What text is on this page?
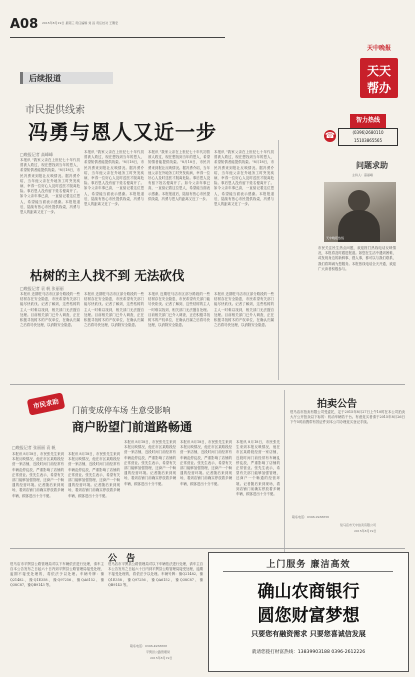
A08 2015年8月19日 星期三 责任编辑 刘 昌 责任校对 王馨宏
天中晚报
天天
帮办
后续报道
市民提供线索
冯勇与恩人又近一步
□晚报记者 高峰峰
本报讯 "我家父亲在上世纪七十年代初曾被人救过，现在想找到当年的恩人，希望知情者能提供线索。"8月18日，市民冯勇来到报社反映情况。据冯勇介绍，当年他父亲在外地务工时突发疾病，幸得一位好心人及时送医才脱离危险。事后恩人没有留下姓名便离开了。如今父亲年事已高，一直惦记着这位恩人，希望能当面表示感谢。本报报道后，陆续有热心市民提供线索，冯勇与恩人的距离又近了一步。
本报讯 "我家父亲在上世纪七十年代初曾被人救过，现在想找到当年的恩人，希望知情者能提供线索。"8月18日，市民冯勇来到报社反映情况。据冯勇介绍，当年他父亲在外地务工时突发疾病，幸得一位好心人及时送医才脱离危险。事后恩人没有留下姓名便离开了。如今父亲年事已高，一直惦记着这位恩人，希望能当面表示感谢。本报报道后，陆续有热心市民提供线索，冯勇与恩人的距离又近了一步。
本报讯 "我家父亲在上世纪七十年代初曾被人救过，现在想找到当年的恩人，希望知情者能提供线索。"8月18日，市民冯勇来到报社反映情况。据冯勇介绍，当年他父亲在外地务工时突发疾病，幸得一位好心人及时送医才脱离危险。事后恩人没有留下姓名便离开了。如今父亲年事已高，一直惦记着这位恩人，希望能当面表示感谢。本报报道后，陆续有热心市民提供线索，冯勇与恩人的距离又近了一步。
本报讯 "我家父亲在上世纪七十年代初曾被人救过，现在想找到当年的恩人，希望知情者能提供线索。"8月18日，市民冯勇来到报社反映情况。据冯勇介绍，当年他父亲在外地务工时突发疾病，幸得一位好心人及时送医才脱离危险。事后恩人没有留下姓名便离开了。如今父亲年事已高，一直惦记着这位恩人，希望能当面表示感谢。本报报道后，陆续有热心市民提供线索，冯勇与恩人的距离又近了一步。
枯树的主人找不到 无法砍伐
□晚报记者 袁 帆 张丽丽
本报讯 近期驻马店市区部分路段的一些枯树存在安全隐患，市民希望有关部门能尽快砍伐。记者了解到，这些枯树的主人一时难以找到，相关部门无法擅自处理。目前相关部门已介入调查，正在积极寻找树木的产权单位，在确认归属之后将尽快处理，以消除安全隐患。
本报讯 近期驻马店市区部分路段的一些枯树存在安全隐患，市民希望有关部门能尽快砍伐。记者了解到，这些枯树的主人一时难以找到，相关部门无法擅自处理。目前相关部门已介入调查，正在积极寻找树木的产权单位，在确认归属之后将尽快处理，以消除安全隐患。
本报讯 近期驻马店市区部分路段的一些枯树存在安全隐患，市民希望有关部门能尽快砍伐。记者了解到，这些枯树的主人一时难以找到，相关部门无法擅自处理。目前相关部门已介入调查，正在积极寻找树木的产权单位，在确认归属之后将尽快处理，以消除安全隐患。
本报讯 近期驻马店市区部分路段的一些枯树存在安全隐患，市民希望有关部门能尽快砍伐。记者了解到，这些枯树的主人一时难以找到，相关部门无法擅自处理。目前相关部门已介入调查，正在积极寻找树木的产权单位，在确认归属之后将尽快处理，以消除安全隐患。
智力热线
☎	(0396)2680110
15103865565
问题求助
主持人：高丽峰
天中晚报热线
市民关注民生热点问题，欢迎拨打热线电话反映情况，本报将及时跟进报道。如您在生活中遇到困难，或发现身边的新鲜事、感人事，都可以与我们联系，我们将竭诚为您服务。本报热线电话全天开通，欢迎广大读者积极参与。
市民求助	门前变成停车场 生意受影响
商户盼望门前道路畅通
□晚报记者 张丽丽 袁 帆
本报讯 8月18日，市民张先生来到本报反映情况，他在市区某路段经营一家店铺，近段时间门前经常有车辆乱停乱放，严重影响了店铺的正常营业。张先生表示，希望有关部门能够加强管理，还商户一个畅通的经营环境。记者随后来到现场，看到店铺门前确实停放着多辆车辆，顾客进出十分不便。
本报讯 8月18日，市民张先生来到本报反映情况，他在市区某路段经营一家店铺，近段时间门前经常有车辆乱停乱放，严重影响了店铺的正常营业。张先生表示，希望有关部门能够加强管理，还商户一个畅通的经营环境。记者随后来到现场，看到店铺门前确实停放着多辆车辆，顾客进出十分不便。
本报讯 8月18日，市民张先生来到本报反映情况，他在市区某路段经营一家店铺，近段时间门前经常有车辆乱停乱放，严重影响了店铺的正常营业。张先生表示，希望有关部门能够加强管理，还商户一个畅通的经营环境。记者随后来到现场，看到店铺门前确实停放着多辆车辆，顾客进出十分不便。
本报讯 8月18日，市民张先生来到本报反映情况，他在市区某路段经营一家店铺，近段时间门前经常有车辆乱停乱放，严重影响了店铺的正常营业。张先生表示，希望有关部门能够加强管理，还商户一个畅通的经营环境。记者随后来到现场，看到店铺门前确实停放着多辆车辆，顾客进出十分不便。
本报讯 8月18日，市民张先生来到本报反映情况，他在市区某路段经营一家店铺，近段时间门前经常有车辆乱停乱放，严重影响了店铺的正常营业。张先生表示，希望有关部门能够加强管理，还商户一个畅通的经营环境。记者随后来到现场，看到店铺门前确实停放着多辆车辆，顾客进出十分不便。
拍卖公告
驻马店市拍卖有限公司受委托，定于2015年8月27日上午10时在本公司拍卖大厅公开拍卖以下标的：机动车辆若干台。有意竞买者请于2015年8月26日下午5时前携带有效证件到本公司办理竞买登记手续。
联系电话：0396-2938856
驻马店市天中拍卖有限公司
2015年8月19日
公 告
驻马店市平舆县公路管理局对以下车辆依法进行处理，请车主自本公告发布之日起六十日内到平舆县公路管理局接受处理，逾期不接受处理的，将依法予以处理。车辆号牌：豫Q21482、豫Q1E358、豫Q97256、豫QA6152、豫Q38C87、豫QB9143 等。
驻马店市平舆县公路管理局对以下车辆依法进行处理，请车主自本公告发布之日起六十日内到平舆县公路管理局接受处理，逾期不接受处理的，将依法予以处理。车辆号牌：豫Q21482、豫Q1E358、豫Q97256、豫QA6152、豫Q38C87、豫QB9143 等。
联系电话：0396-4958868
平舆县公路管理局
2015年8月19日
上门服务 廉洁高效
确山农商银行
圆您财富梦想
只要您有融资需求 只要您喜诚信发展
就请您拨打财富热线：13839903188 0396-2612226
